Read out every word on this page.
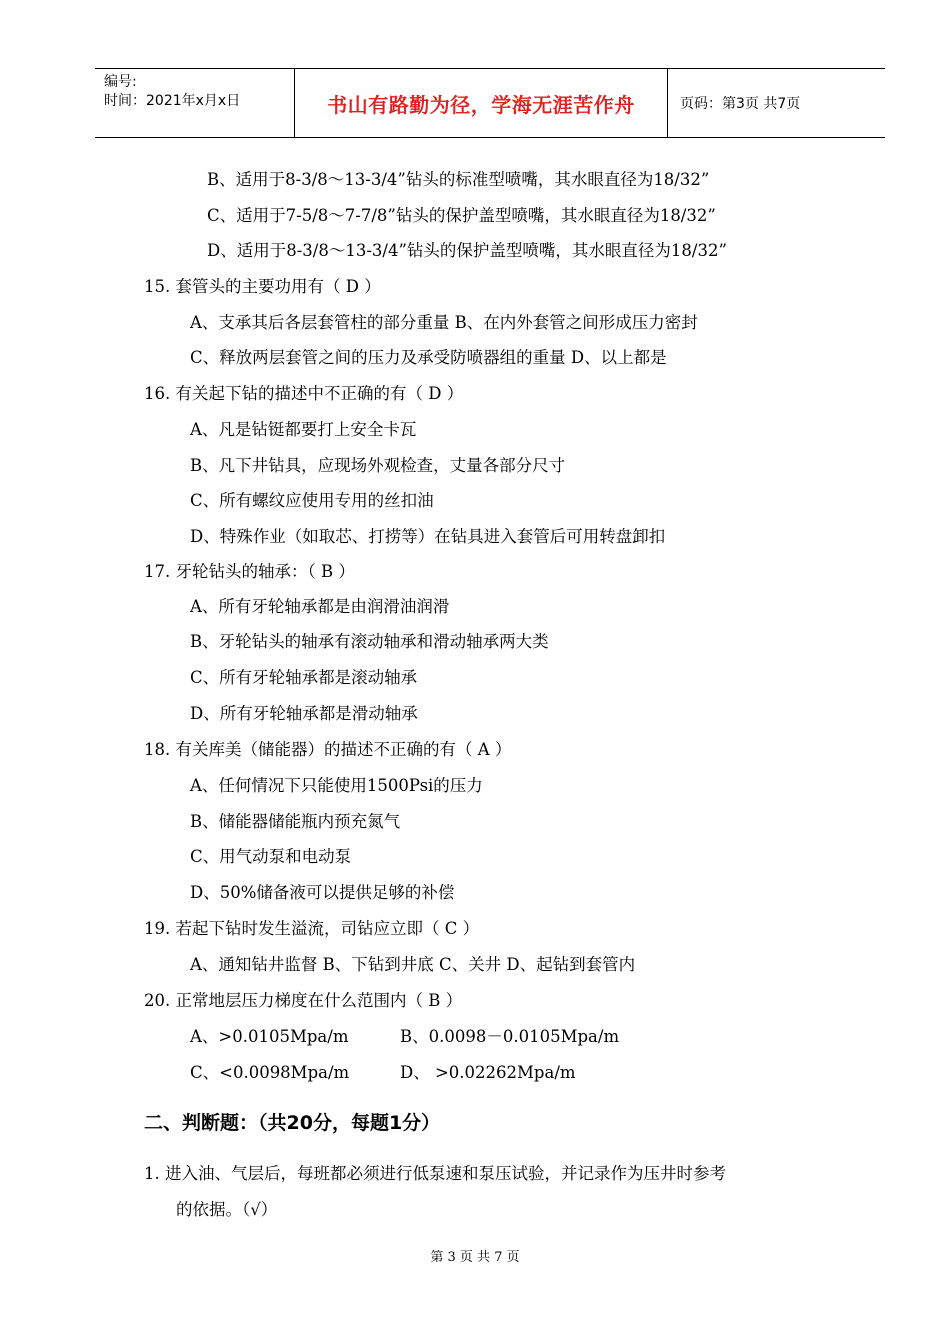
编号:
时间：2021年x月x日	书山有路勤为径，学海无涯苦作舟	页码：第3页 共7页
B、适用于8-3/8～13-3/4”钻头的标准型喷嘴，其水眼直径为18/32”
C、适用于7-5/8～7-7/8”钻头的保护盖型喷嘴，其水眼直径为18/32”
D、适用于8-3/8～13-3/4”钻头的保护盖型喷嘴，其水眼直径为18/32”
15. 套管头的主要功用有（ D ）
A、支承其后各层套管柱的部分重量 B、在内外套管之间形成压力密封
C、释放两层套管之间的压力及承受防喷器组的重量 D、以上都是
16. 有关起下钻的描述中不正确的有（ D ）
A、凡是钻铤都要打上安全卡瓦
B、凡下井钻具，应现场外观检查，丈量各部分尺寸
C、所有螺纹应使用专用的丝扣油
D、特殊作业（如取芯、打捞等）在钻具进入套管后可用转盘卸扣
17. 牙轮钻头的轴承：（ B ）
A、所有牙轮轴承都是由润滑油润滑
B、牙轮钻头的轴承有滚动轴承和滑动轴承两大类
C、所有牙轮轴承都是滚动轴承
D、所有牙轮轴承都是滑动轴承
18. 有关库美（储能器）的描述不正确的有（ A ）
A、任何情况下只能使用1500Psi的压力
B、储能器储能瓶内预充氮气
C、用气动泵和电动泵
D、50%储备液可以提供足够的补偿
19. 若起下钻时发生溢流，司钻应立即（ C ）
A、通知钻井监督 B、下钻到井底 C、关井 D、起钻到套管内
20. 正常地层压力梯度在什么范围内（ B ）
A、>0.0105Mpa/m	B、0.0098－0.0105Mpa/m
C、<0.0098Mpa/m	D、 >0.02262Mpa/m
二、判断题：（共20分，每题1分）
1. 进入油、气层后，每班都必须进行低泵速和泵压试验，并记录作为压井时参考
的依据。（√）
第 3 页 共 7 页
